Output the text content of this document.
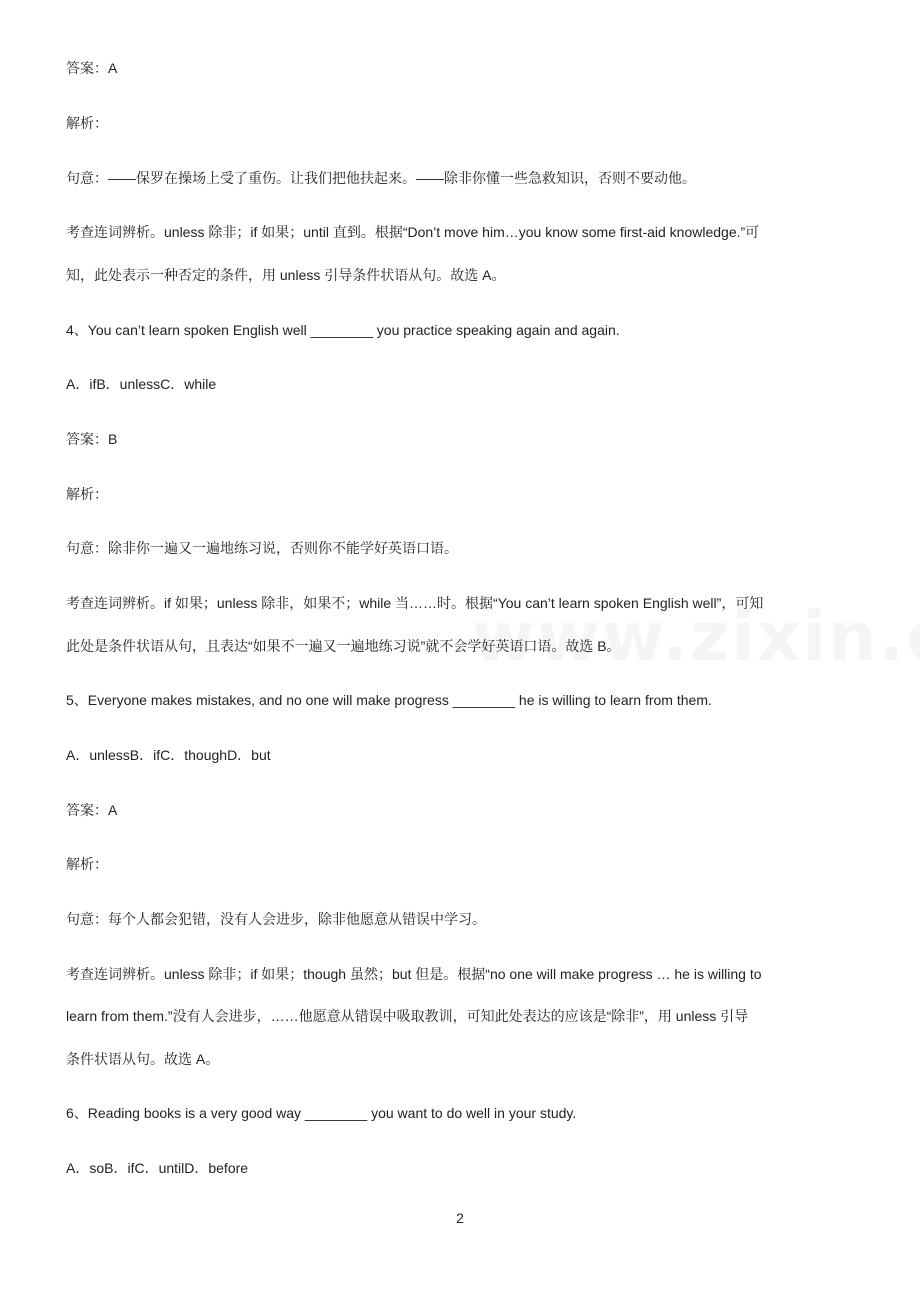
答案：A
解析：
句意：——保罗在操场上受了重伤。让我们把他扶起来。——除非你懂一些急救知识，否则不要动他。
考查连词辨析。unless 除非；if 如果；until 直到。根据“Don’t move him…you know some first-aid knowledge.”可
知，此处表示一种否定的条件，用 unless 引导条件状语从句。故选 A。
4、You can’t learn spoken English well ________ you practice speaking again and again.
A．ifB．unlessC．while
答案：B
解析：
句意：除非你一遍又一遍地练习说，否则你不能学好英语口语。
考查连词辨析。if 如果；unless 除非，如果不；while 当……时。根据“You can’t learn spoken English well”，可知
此处是条件状语从句，且表达“如果不一遍又一遍地练习说”就不会学好英语口语。故选 B。
5、Everyone makes mistakes, and no one will make progress ________ he is willing to learn from them.
A．unlessB．ifC．thoughD．but
答案：A
解析：
句意：每个人都会犯错，没有人会进步，除非他愿意从错误中学习。
考查连词辨析。unless 除非；if 如果；though 虽然；but 但是。根据“no one will make progress … he is willing to
learn from them.”没有人会进步，……他愿意从错误中吸取教训，可知此处表达的应该是“除非”，用 unless 引导
条件状语从句。故选 A。
6、Reading books is a very good way ________ you want to do well in your study.
A．soB．ifC．untilD．before
2
